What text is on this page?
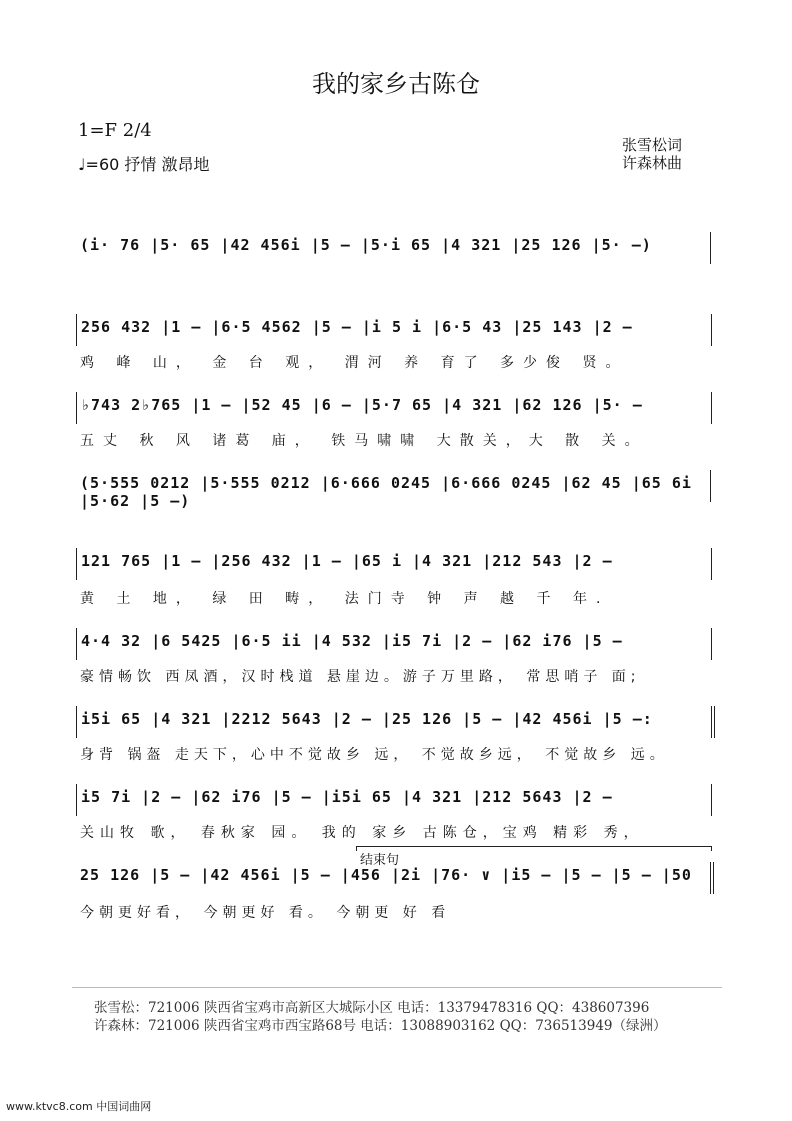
我的家乡古陈仓
1=F 2/4
♩=60 抒情 激昂地
张雪松词
许森林曲
(i· 76 |5· 65 |42 456i |5 – |5·i 65 |4 321 |25 126 |5· –)
256 432 |1 – |6·5 4562 |5 – |i 5 i |6·5 43 |25 143 |2 –
鸡 峰 山， 金 台 观， 渭河 养 育了 多少俊 贤。
♭743 2♭765 |1 – |52 45 |6 – |5·7 65 |4 321 |62 126 |5· –
五丈 秋 风 诸葛 庙， 铁马啸啸 大散关，大 散 关。
(5·555 0212 |5·555 0212 |6·666 0245 |6·666 0245 |62 45 |65 6i |5·62 |5 –)
121 765 |1 – |256 432 |1 – |65 i |4 321 |212 543 |2 –
黄 土 地， 绿 田 畴， 法门寺 钟 声 越 千 年.
4·4 32 |6 5425 |6·5 ii |4 532 |i5 7i |2 – |62 i76 |5 –
豪情畅饮 西凤酒，汉时栈道 悬崖边。游子万里路， 常思哨子 面;
i5i 65 |4 321 |2212 5643 |2 – |25 126 |5 – |42 456i |5 –:
身背 锅盔 走天下，心中不觉故乡 远， 不觉故乡远， 不觉故乡 远。
i5 7i |2 – |62 i76 |5 – |i5i 65 |4 321 |212 5643 |2 –
关山牧 歌， 春秋家 园。 我的 家乡 古陈仓，宝鸡 精彩 秀，
结束句
25 126 |5 – |42 456i |5 – |456 |2i |76· ∨ |i5 – |5 – |5 – |50
今朝更好看， 今朝更好 看。 今朝更 好 看
张雪松：721006 陕西省宝鸡市高新区大城际小区 电话：13379478316 QQ：438607396
许森林：721006 陕西省宝鸡市西宝路68号 电话：13088903162 QQ：736513949（绿洲）
www.ktvc8.com 中国词曲网
